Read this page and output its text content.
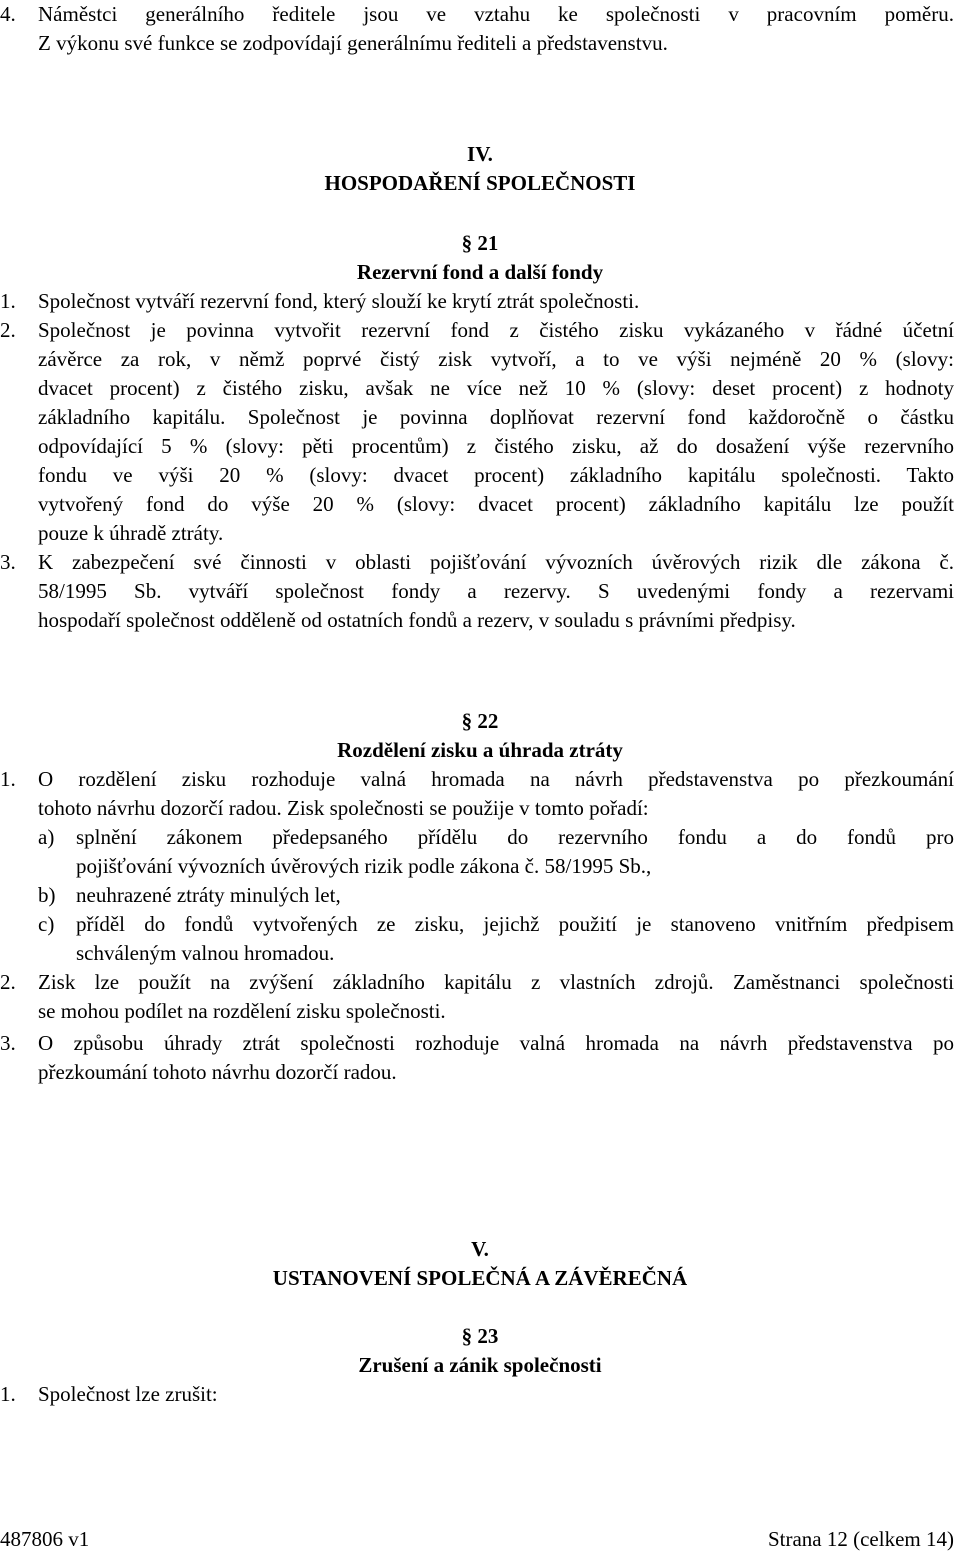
4.	Náměstci generálního ředitele jsou ve vztahu ke společnosti v pracovním poměru.
Z výkonu své funkce se zodpovídají generálnímu řediteli a představenstvu.
IV.
HOSPODAŘENÍ SPOLEČNOSTI
§ 21
Rezervní fond a další fondy
1.	Společnost vytváří rezervní fond, který slouží ke krytí ztrát společnosti.
2.	Společnost je povinna vytvořit rezervní fond z čistého zisku vykázaného v řádné účetní
závěrce za rok, v němž poprvé čistý zisk vytvoří, a to ve výši nejméně 20 % (slovy:
dvacet procent) z čistého zisku, avšak ne více než 10 % (slovy: deset procent) z hodnoty
základního kapitálu. Společnost je povinna doplňovat rezervní fond každoročně o částku
odpovídající 5 % (slovy: pěti procentům) z čistého zisku, až do dosažení výše rezervního
fondu ve výši 20 % (slovy: dvacet procent) základního kapitálu společnosti. Takto
vytvořený fond do výše 20 % (slovy: dvacet procent) základního kapitálu lze použít
pouze k úhradě ztráty.
3.	K zabezpečení své činnosti v oblasti pojišťování vývozních úvěrových rizik dle zákona č.
58/1995 Sb. vytváří společnost fondy a rezervy. S uvedenými fondy a rezervami
hospodaří společnost odděleně od ostatních fondů a rezerv, v souladu s právními předpisy.
§ 22
Rozdělení zisku a úhrada ztráty
1.	O rozdělení zisku rozhoduje valná hromada na návrh představenstva po přezkoumání
tohoto návrhu dozorčí radou. Zisk společnosti se použije v tomto pořadí:
a)	splnění zákonem předepsaného přídělu do rezervního fondu a do fondů pro
pojišťování vývozních úvěrových rizik podle zákona č. 58/1995 Sb.,
b) neuhrazené ztráty minulých let,
c)	příděl do fondů vytvořených ze zisku, jejichž použití je stanoveno vnitřním předpisem
schváleným valnou hromadou.
2.	Zisk lze použít na zvýšení základního kapitálu z vlastních zdrojů. Zaměstnanci společnosti
se mohou podílet na rozdělení zisku společnosti.
3.	O způsobu úhrady ztrát společnosti rozhoduje valná hromada na návrh představenstva po
přezkoumání tohoto návrhu dozorčí radou.
V.
USTANOVENÍ SPOLEČNÁ A ZÁVĚREČNÁ
§ 23
Zrušení a zánik společnosti
1.	Společnost lze zrušit:
487806 v1	Strana 12 (celkem 14)
